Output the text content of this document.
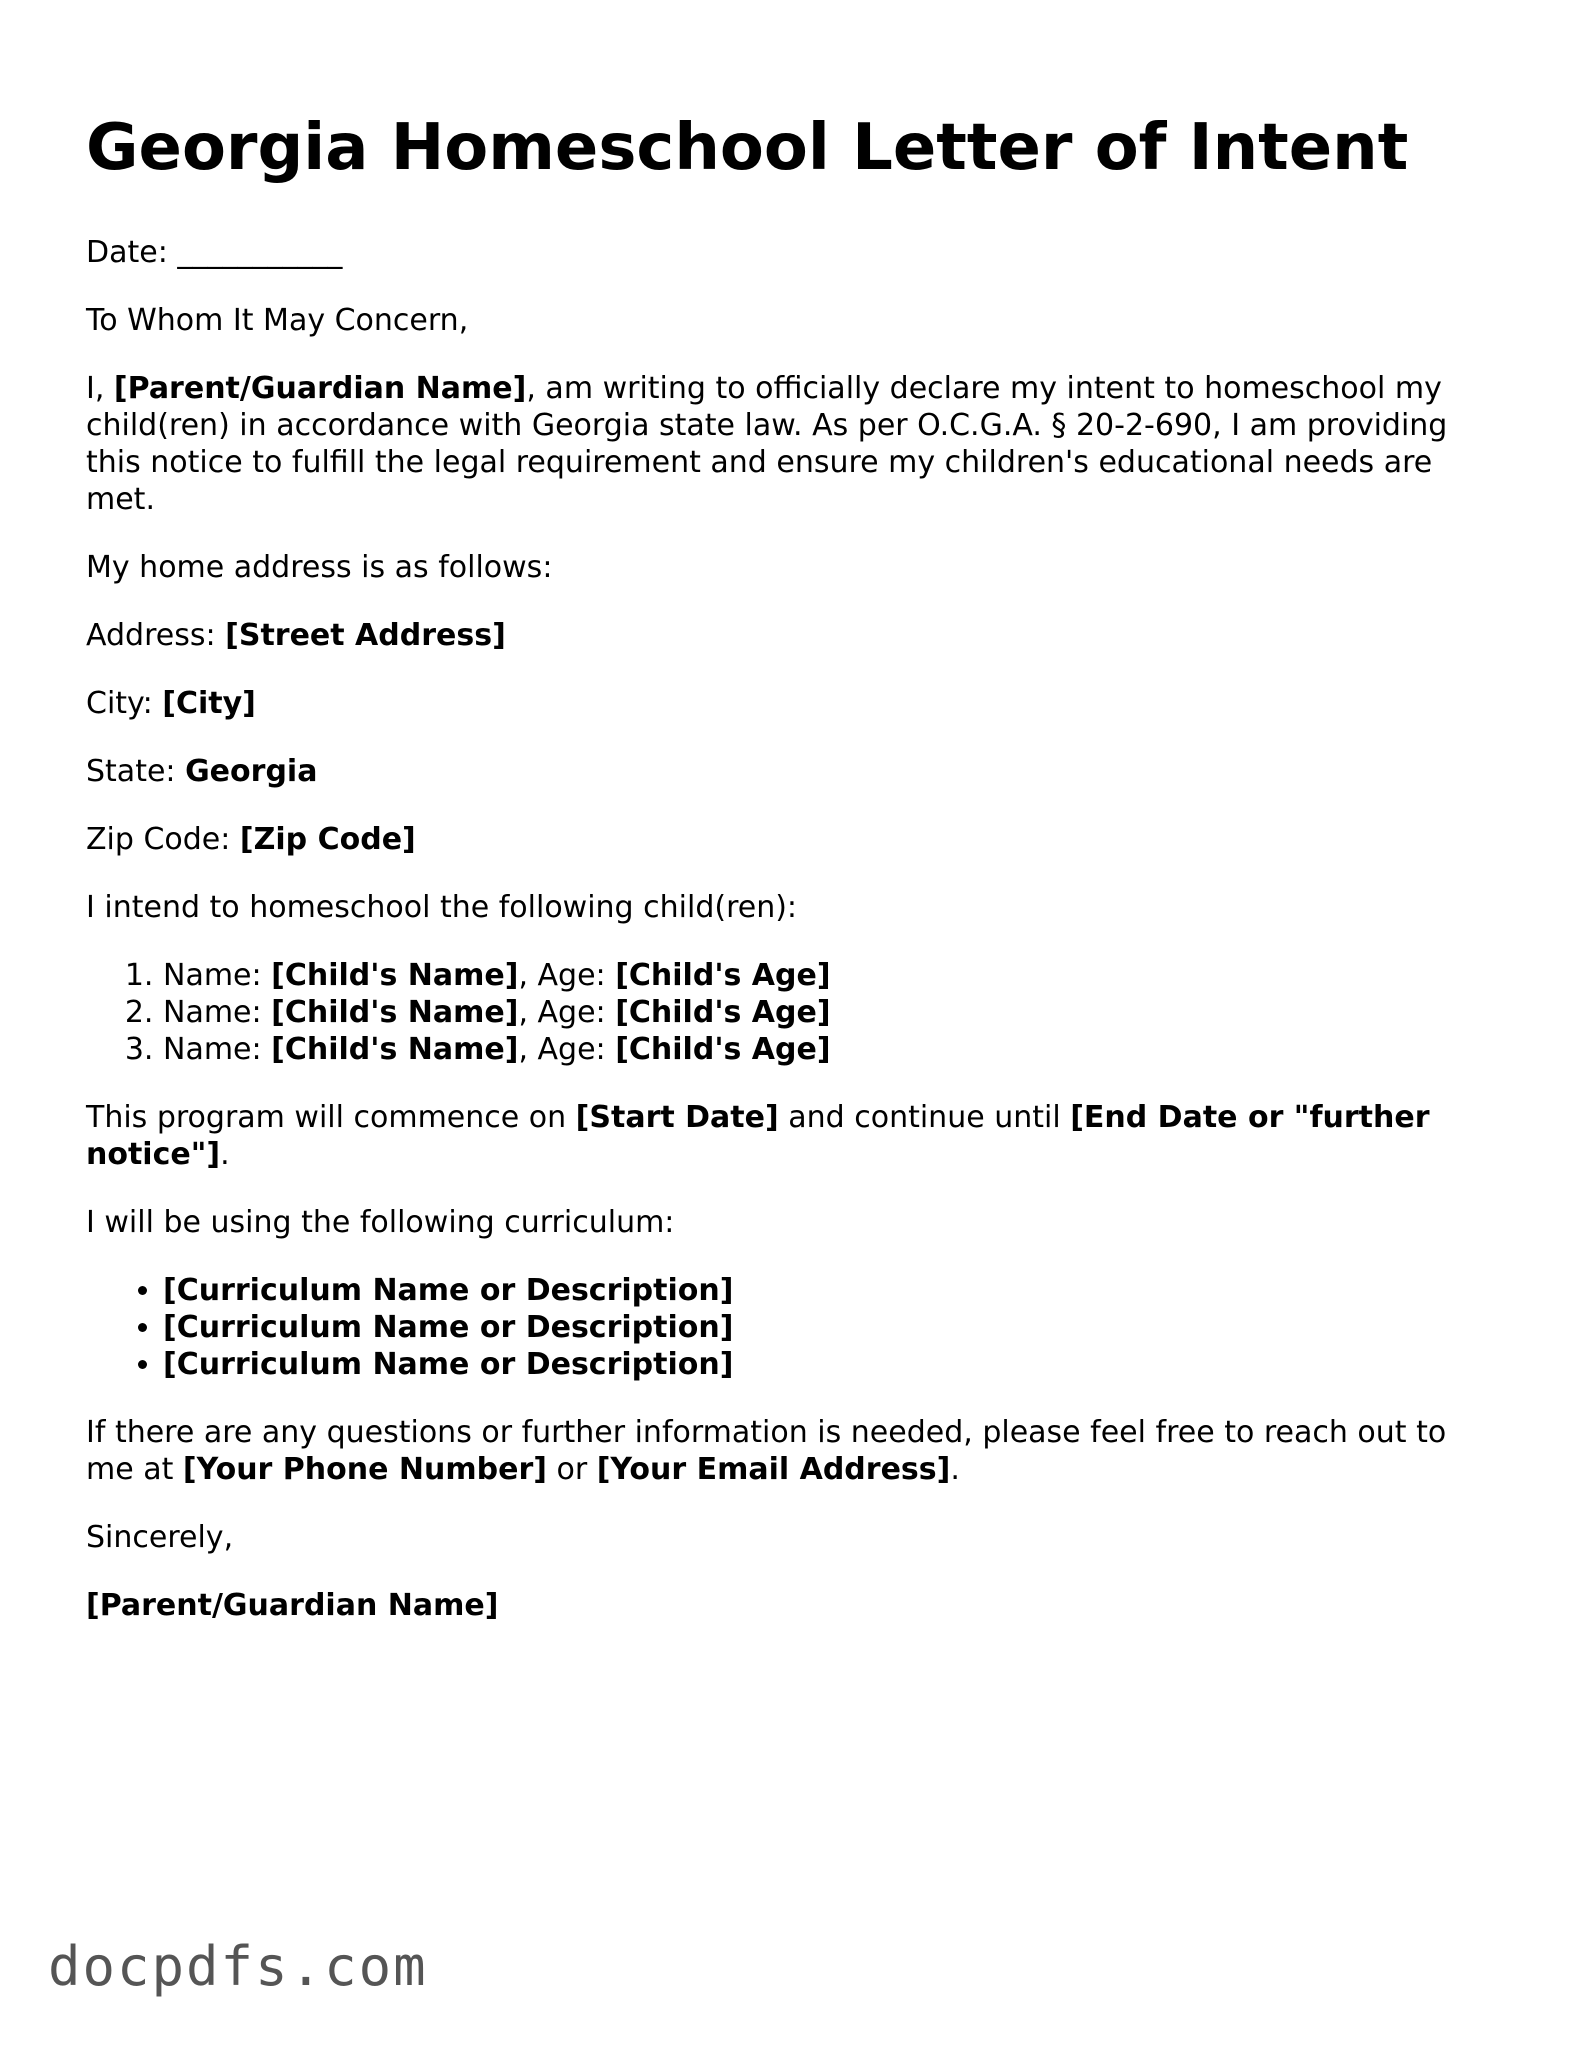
Georgia Homeschool Letter of Intent

Date: ___________

To Whom It May Concern,

I, [Parent/Guardian Name], am writing to officially declare my intent to homeschool my child(ren) in accordance with Georgia state law. As per O.C.G.A. § 20-2-690, I am providing this notice to fulfill the legal requirement and ensure my children's educational needs are met.

My home address is as follows:

Address: [Street Address]

City: [City]

State: Georgia

Zip Code: [Zip Code]

I intend to homeschool the following child(ren):

1. Name: [Child's Name], Age: [Child's Age]
2. Name: [Child's Name], Age: [Child's Age]
3. Name: [Child's Name], Age: [Child's Age]

This program will commence on [Start Date] and continue until [End Date or "further notice"].

I will be using the following curriculum:

• [Curriculum Name or Description]
• [Curriculum Name or Description]
• [Curriculum Name or Description]

If there are any questions or further information is needed, please feel free to reach out to me at [Your Phone Number] or [Your Email Address].

Sincerely,

[Parent/Guardian Name]

docpdfs.com
